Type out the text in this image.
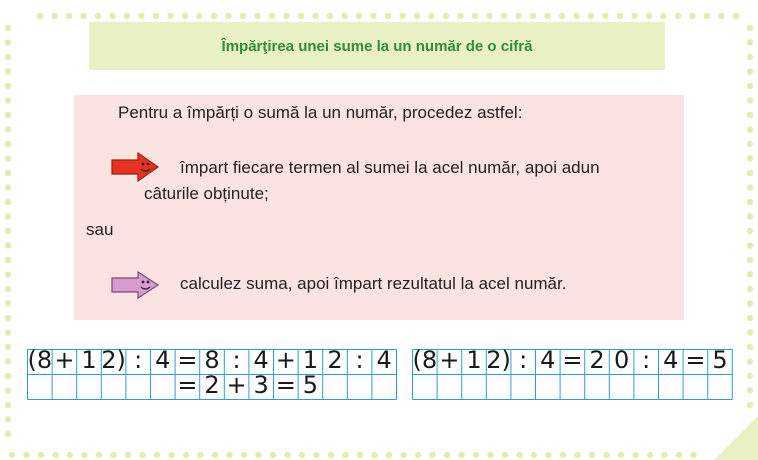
Împărţirea unei sume la un număr de o cifră
Pentru a împărți o sumă la un număr, procedez astfel:
împart fiecare termen al sumei la acel număr, apoi adun
câturile obținute;
calculez suma, apoi împart rezultatul la acel număr.
sau
(8 + 1 2) : 4 = 8 : 4 + 1 2 : 4
= 2 + 3 = 5
(8 + 1 2) : 4 = 2 0 : 4 = 5
